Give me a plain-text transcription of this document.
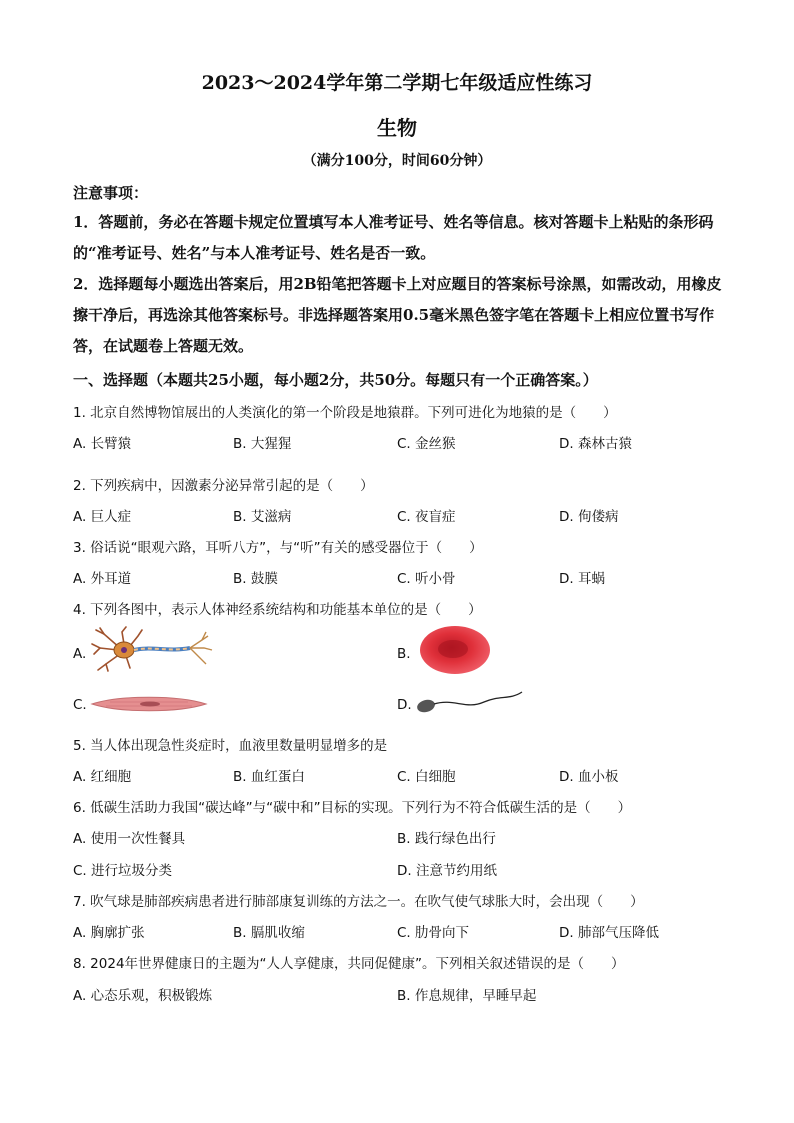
2023～2024学年第二学期七年级适应性练习
生物
（满分100分，时间60分钟）
注意事项：
1．答题前，务必在答题卡规定位置填写本人准考证号、姓名等信息。核对答题卡上粘贴的条形码的“准考证号、姓名”与本人准考证号、姓名是否一致。
2．选择题每小题选出答案后，用2B铅笔把答题卡上对应题目的答案标号涂黑，如需改动，用橡皮擦干净后，再选涂其他答案标号。非选择题答案用0.5毫米黑色签字笔在答题卡上相应位置书写作答，在试题卷上答题无效。
一、选择题（本题共25小题，每小题2分，共50分。每题只有一个正确答案。）
1. 北京自然博物馆展出的人类演化的第一个阶段是地猿群。下列可进化为地猿的是（　　）
A. 长臂猿	B. 大猩猩	C. 金丝猴	D. 森林古猿
2. 下列疾病中，因激素分泌异常引起的是（　　）
A. 巨人症	B. 艾滋病	C. 夜盲症	D. 佝偻病
3. 俗话说“眼观六路，耳听八方”，与“听”有关的感受器位于（　　）
A. 外耳道	B. 鼓膜	C. 听小骨	D. 耳蜗
4. 下列各图中，表示人体神经系统结构和功能基本单位的是（　　）
A.	B.
C.	D.
5. 当人体出现急性炎症时，血液里数量明显增多的是
A. 红细胞	B. 血红蛋白	C. 白细胞	D. 血小板
6. 低碳生活助力我国“碳达峰”与“碳中和”目标的实现。下列行为不符合低碳生活的是（　　）
A. 使用一次性餐具	B. 践行绿色出行
C. 进行垃圾分类	D. 注意节约用纸
7. 吹气球是肺部疾病患者进行肺部康复训练的方法之一。在吹气使气球胀大时，会出现（　　）
A. 胸廓扩张	B. 膈肌收缩	C. 肋骨向下	D. 肺部气压降低
8. 2024年世界健康日的主题为“人人享健康，共同促健康”。下列相关叙述错误的是（　　）
A. 心态乐观，积极锻炼	B. 作息规律，早睡早起
